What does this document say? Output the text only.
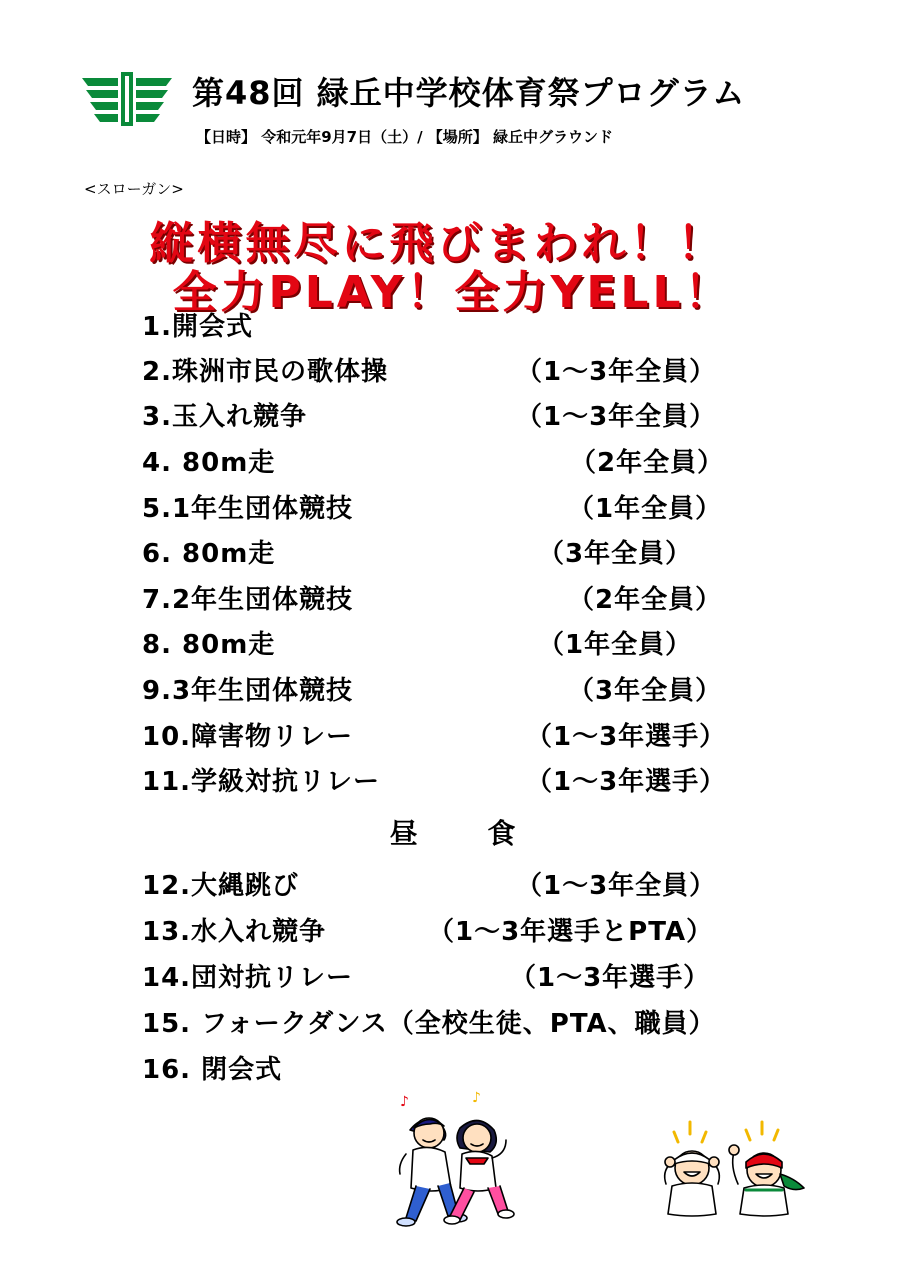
第48回 緑丘中学校体育祭プログラム
【日時】 令和元年9月7日（土）/ 【場所】 緑丘中グラウンド
<スローガン>
縦横無尽に飛びまわれ！！
全力PLAY！全力YELL！
1.開会式
2.珠洲市民の歌体操	（1～3年全員）
3.玉入れ競争	（1～3年全員）
4. 80m走	（2年全員）
5.1年生団体競技	（1年全員）
6. 80m走	（3年全員）
7.2年生団体競技	（2年全員）
8. 80m走	（1年全員）
9.3年生団体競技	（3年全員）
10.障害物リレー	（1～3年選手）
11.学級対抗リレー	（1～3年選手）
昼 食
12.大縄跳び	（1～3年全員）
13.水入れ競争	（1～3年選手とPTA）
14.団対抗リレー	（1～3年選手）
15. フォークダンス（全校生徒、PTA、職員）
16. 閉会式
♪	♪
